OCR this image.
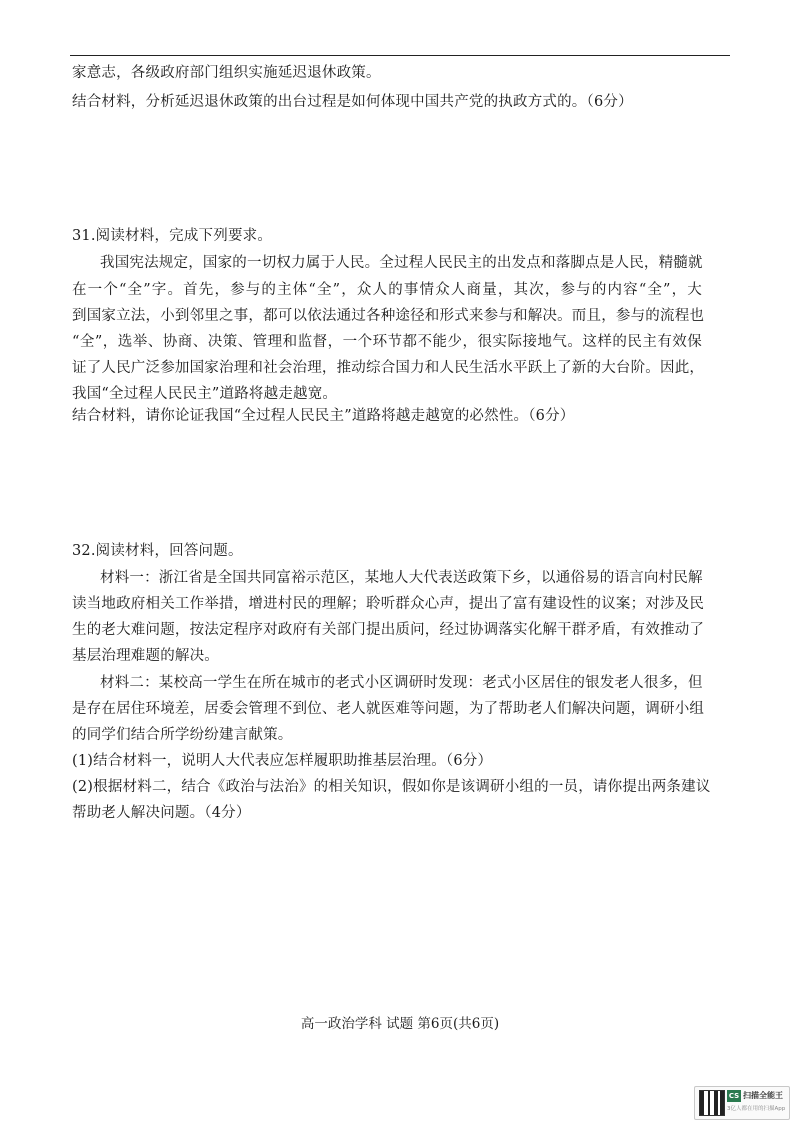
家意志，各级政府部门组织实施延迟退休政策。
结合材料，分析延迟退休政策的出台过程是如何体现中国共产党的执政方式的。（6分）
31.阅读材料，完成下列要求。
我国宪法规定，国家的一切权力属于人民。全过程人民民主的出发点和落脚点是人民，精髓就
在一个“全”字。首先，参与的主体“全”，众人的事情众人商量，其次，参与的内容“全”，大
到国家立法，小到邻里之事，都可以依法通过各种途径和形式来参与和解决。而且，参与的流程也
“全”，选举、协商、决策、管理和监督，一个环节都不能少，很实际接地气。这样的民主有效保
证了人民广泛参加国家治理和社会治理，推动综合国力和人民生活水平跃上了新的大台阶。因此，
我国“全过程人民民主”道路将越走越宽。
结合材料，请你论证我国“全过程人民民主”道路将越走越宽的必然性。（6分）
32.阅读材料，回答问题。
材料一：浙江省是全国共同富裕示范区，某地人大代表送政策下乡，以通俗易的语言向村民解
读当地政府相关工作举措，增进村民的理解；聆听群众心声，提出了富有建设性的议案；对涉及民
生的老大难问题，按法定程序对政府有关部门提出质问，经过协调落实化解干群矛盾，有效推动了
基层治理难题的解决。
材料二：某校高一学生在所在城市的老式小区调研时发现：老式小区居住的银发老人很多，但
是存在居住环境差，居委会管理不到位、老人就医难等问题，为了帮助老人们解决问题，调研小组
的同学们结合所学纷纷建言献策。
(1)结合材料一，说明人大代表应怎样履职助推基层治理。（6分）
(2)根据材料二，结合《政治与法治》的相关知识，假如你是该调研小组的一员，请你提出两条建议
帮助老人解决问题。（4分）
高一政治学科 试题 第6页(共6页)
CS 扫描全能王
3亿人都在用的扫描App
